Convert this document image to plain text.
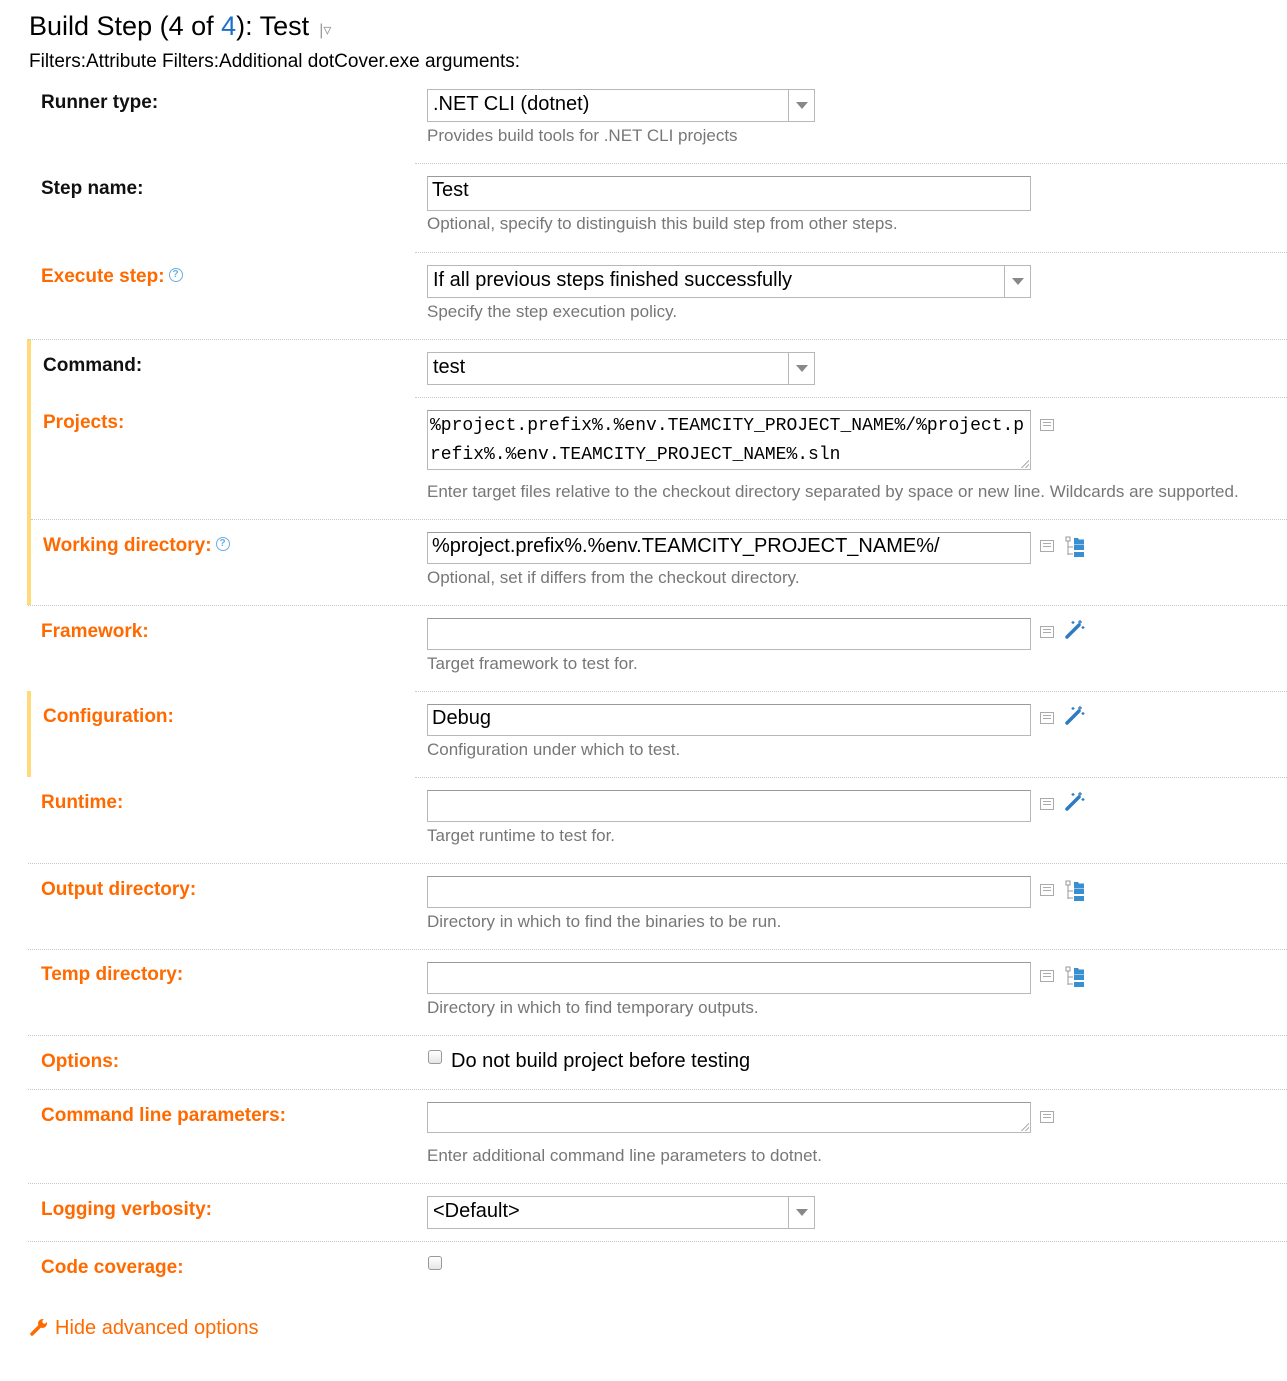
Build Step (4 of 4): Test |▿
Filters:Attribute Filters:Additional dotCover.exe arguments:
Runner type:	.NET CLI (dotnet)
Provides build tools for .NET CLI projects
Step name:	Test
Optional, specify to distinguish this build step from other steps.
Execute step: ?	If all previous steps finished successfully
Specify the step execution policy.
Command:	test
Projects:	%project.prefix%.%env.TEAMCITY_PROJECT_NAME%/%project.prefix%.%env.TEAMCITY_PROJECT_NAME%.sln
Enter target files relative to the checkout directory separated by space or new line. Wildcards are supported.
Working directory: ?	%project.prefix%.%env.TEAMCITY_PROJECT_NAME%/
Optional, set if differs from the checkout directory.
Framework:
Target framework to test for.
Configuration:	Debug
Configuration under which to test.
Runtime:
Target runtime to test for.
Output directory:
Directory in which to find the binaries to be run.
Temp directory:
Directory in which to find temporary outputs.
Options:	Do not build project before testing
Command line parameters:
Enter additional command line parameters to dotnet.
Logging verbosity:	<Default>
Code coverage:
Hide advanced options
